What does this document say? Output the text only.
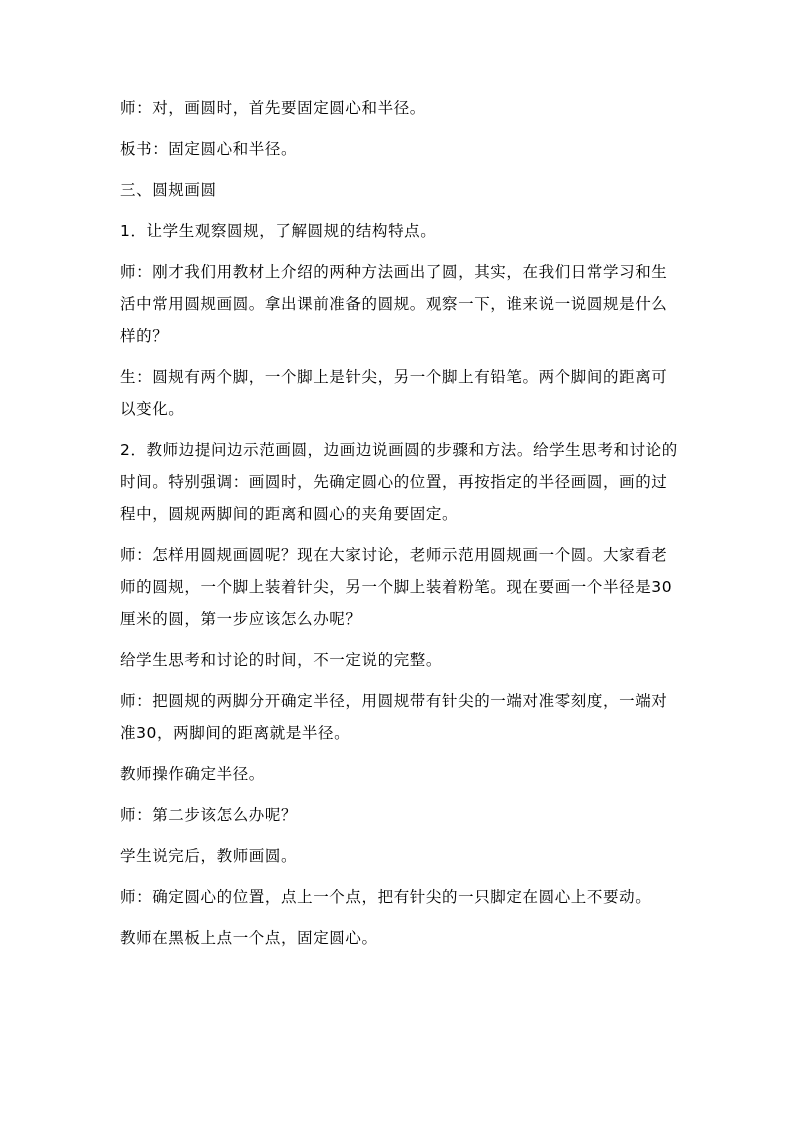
师：对，画圆时，首先要固定圆心和半径。

板书：固定圆心和半径。

三、圆规画圆

1．让学生观察圆规，了解圆规的结构特点。

师：刚才我们用教材上介绍的两种方法画出了圆，其实，在我们日常学习和生活中常用圆规画圆。拿出课前准备的圆规。观察一下，谁来说一说圆规是什么样的？

生：圆规有两个脚，一个脚上是针尖，另一个脚上有铅笔。两个脚间的距离可以变化。

2．教师边提问边示范画圆，边画边说画圆的步骤和方法。给学生思考和讨论的时间。特别强调：画圆时，先确定圆心的位置，再按指定的半径画圆，画的过程中，圆规两脚间的距离和圆心的夹角要固定。

师：怎样用圆规画圆呢？现在大家讨论，老师示范用圆规画一个圆。大家看老师的圆规，一个脚上装着针尖，另一个脚上装着粉笔。现在要画一个半径是30厘米的圆，第一步应该怎么办呢？

给学生思考和讨论的时间，不一定说的完整。

师：把圆规的两脚分开确定半径，用圆规带有针尖的一端对准零刻度，一端对准30，两脚间的距离就是半径。

教师操作确定半径。

师：第二步该怎么办呢？

学生说完后，教师画圆。

师：确定圆心的位置，点上一个点，把有针尖的一只脚定在圆心上不要动。

教师在黑板上点一个点，固定圆心。
